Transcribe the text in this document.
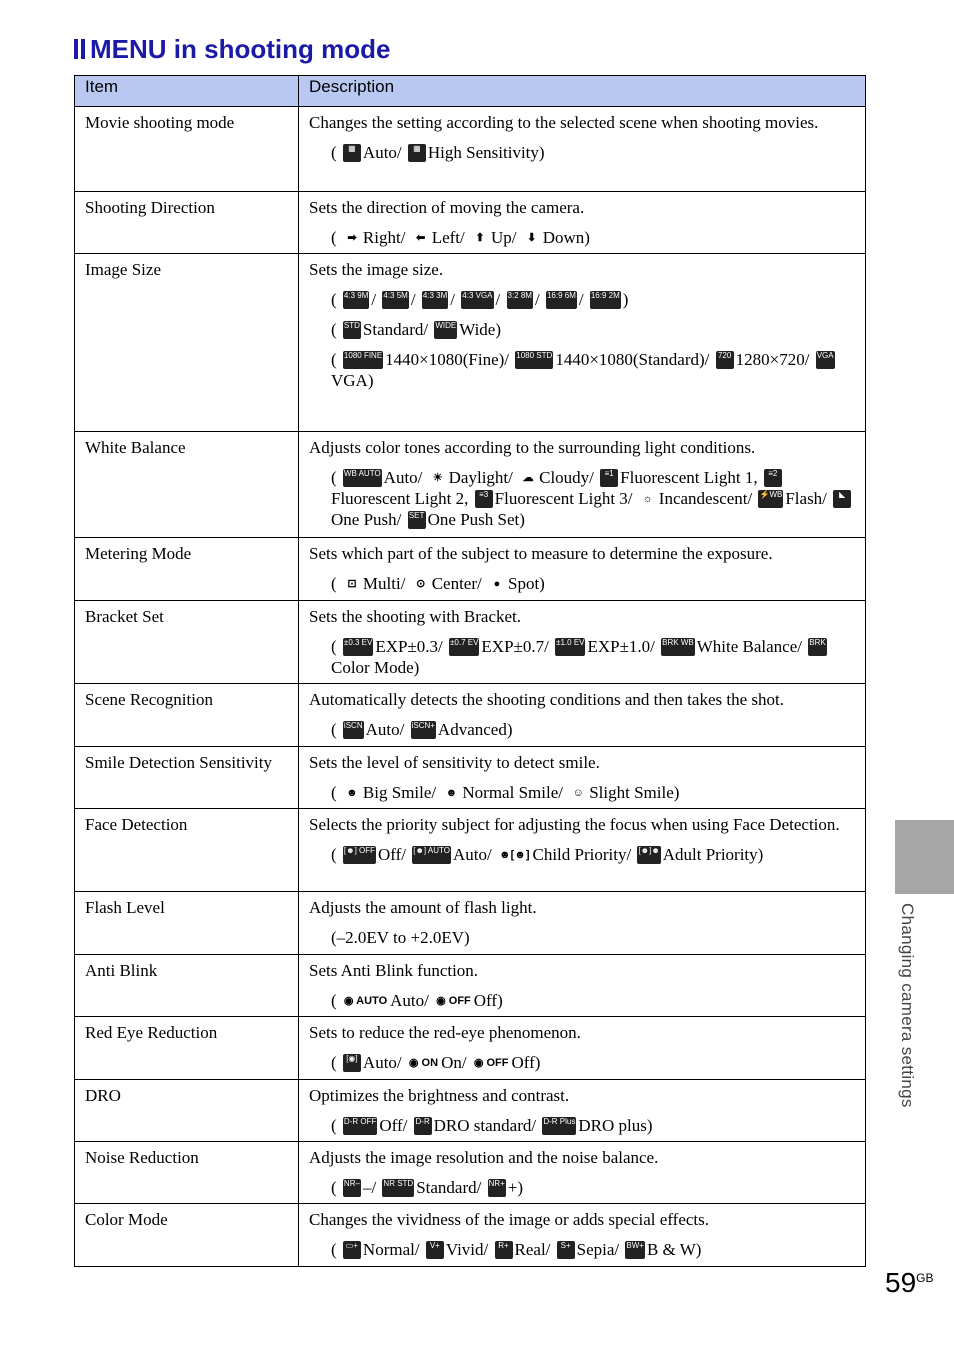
MENU in shooting mode
Item	Description
Movie shooting mode	Changes the setting according to the selected scene when shooting movies.
( ▦ Auto/ ▦ High Sensitivity)

Shooting Direction	Sets the direction of moving the camera.
( ➡ Right/ ⬅ Left/ ⬆ Up/ ⬇ Down)

Image Size	Sets the image size.
( 4:3 9M / 4:3 5M / 4:3 3M / 4:3 VGA / 3:2 8M / 16:9 6M / 16:9 2M )
( STD Standard/ WIDE Wide)
( 1080 FINE 1440×1080(Fine)/ 1080 STD 1440×1080(Standard)/ 720 1280×720/ VGAVGA)

White Balance	Adjusts color tones according to the surrounding light conditions.
( WB AUTO Auto/ ☀ Daylight/ ☁ Cloudy/ ≡1 Fluorescent Light 1, ≡2Fluorescent Light 2, ≡3 Fluorescent Light 3/ ☼ Incandescent/ ⚡WB Flash/ ◣One Push/ SET One Push Set)

Metering Mode	Sets which part of the subject to measure to determine the exposure.
( ⊡ Multi/ ⊙ Center/ ● Spot)

Bracket Set	Sets the shooting with Bracket.
( ±0.3 EV EXP±0.3/ ±0.7 EV EXP±0.7/ ±1.0 EV EXP±1.0/ BRK WB White Balance/ BRKColor Mode)

Scene Recognition	Automatically detects the shooting conditions and then takes the shot.
( iSCN Auto/ iSCN+ Advanced)

Smile Detection Sensitivity	Sets the level of sensitivity to detect smile.
( ☻ Big Smile/ ☻ Normal Smile/ ☺ Slight Smile)

Face Detection	Selects the priority subject for adjusting the focus when using Face Detection.
( [☻] OFF Off/ [☻] AUTO Auto/ ☻[☻] Child Priority/ [☻]☻ Adult Priority)

Flash Level	Adjusts the amount of flash light.
(–2.0EV to +2.0EV)

Anti Blink	Sets Anti Blink function.
( ◉ AUTO Auto/ ◉ OFF Off)

Red Eye Reduction	Sets to reduce the red-eye phenomenon.
( [◉] Auto/ ◉ ON On/ ◉ OFF Off)

DRO	Optimizes the brightness and contrast.
( D-R OFF Off/ D-R DRO standard/ D-R Plus DRO plus)

Noise Reduction	Adjusts the image resolution and the noise balance.
( NR– –/ NR STD Standard/ NR+ +)

Color Mode	Changes the vividness of the image or adds special effects.
( ▭+ Normal/ V+ Vivid/ R+ Real/ S+ Sepia/ BW+ B & W)
Changing camera settings
$59^{GB}$
